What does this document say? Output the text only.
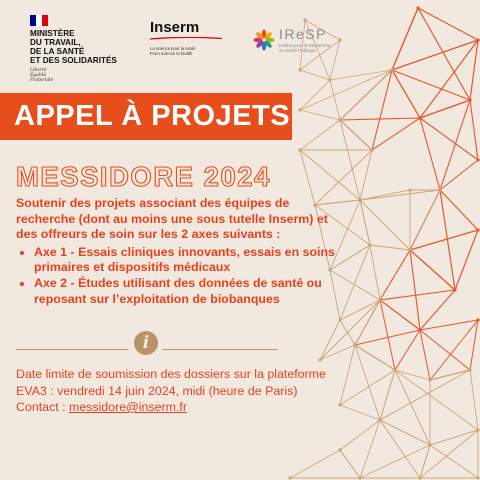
MINISTÈRE
DU TRAVAIL,
DE LA SANTÉ
ET DES SOLIDARITÉS
Liberté
Égalité
Fraternité
Inserm
La science pour la santé
From science to health
IReSP
Institut pour la Recherche
en Santé Publique
APPEL À PROJETS
MESSIDORE 2024

Soutenir des projets associant des équipes de recherche (dont au moins une sous tutelle Inserm) et des offreurs de soin sur les 2 axes suivants :

• Axe 1 - Essais cliniques innovants, essais en soins primaires et dispositifs médicaux
• Axe 2 - Études utilisant des données de santé ou reposant sur l’exploitation de biobanques
i

Date limite de soumission des dossiers sur la plateforme EVA3 : vendredi 14 juin 2024, midi (heure de Paris)

Contact : messidore@inserm.fr
